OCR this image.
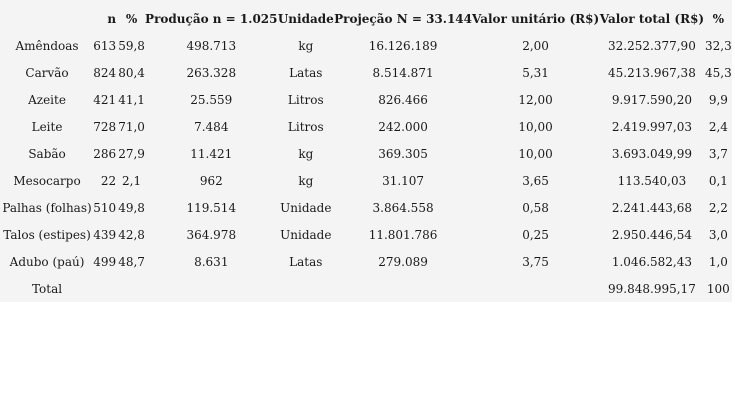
	n	%	Produção n = 1.025	Unidade	Projeção N = 33.144	Valor unitário (R$)	Valor total (R$)	%
Amêndoas	613	59,8	498.713	kg	16.126.189	2,00	32.252.377,90	32,3
Carvão	824	80,4	263.328	Latas	8.514.871	5,31	45.213.967,38	45,3
Azeite	421	41,1	25.559	Litros	826.466	12,00	9.917.590,20	9,9
Leite	728	71,0	7.484	Litros	242.000	10,00	2.419.997,03	2,4
Sabão	286	27,9	11.421	kg	369.305	10,00	3.693.049,99	3,7
Mesocarpo	22	2,1	962	kg	31.107	3,65	113.540,03	0,1
Palhas (folhas)	510	49,8	119.514	Unidade	3.864.558	0,58	2.241.443,68	2,2
Talos (estipes)	439	42,8	364.978	Unidade	11.801.786	0,25	2.950.446,54	3,0
Adubo (paú)	499	48,7	8.631	Latas	279.089	3,75	1.046.582,43	1,0
Total							99.848.995,17	100
